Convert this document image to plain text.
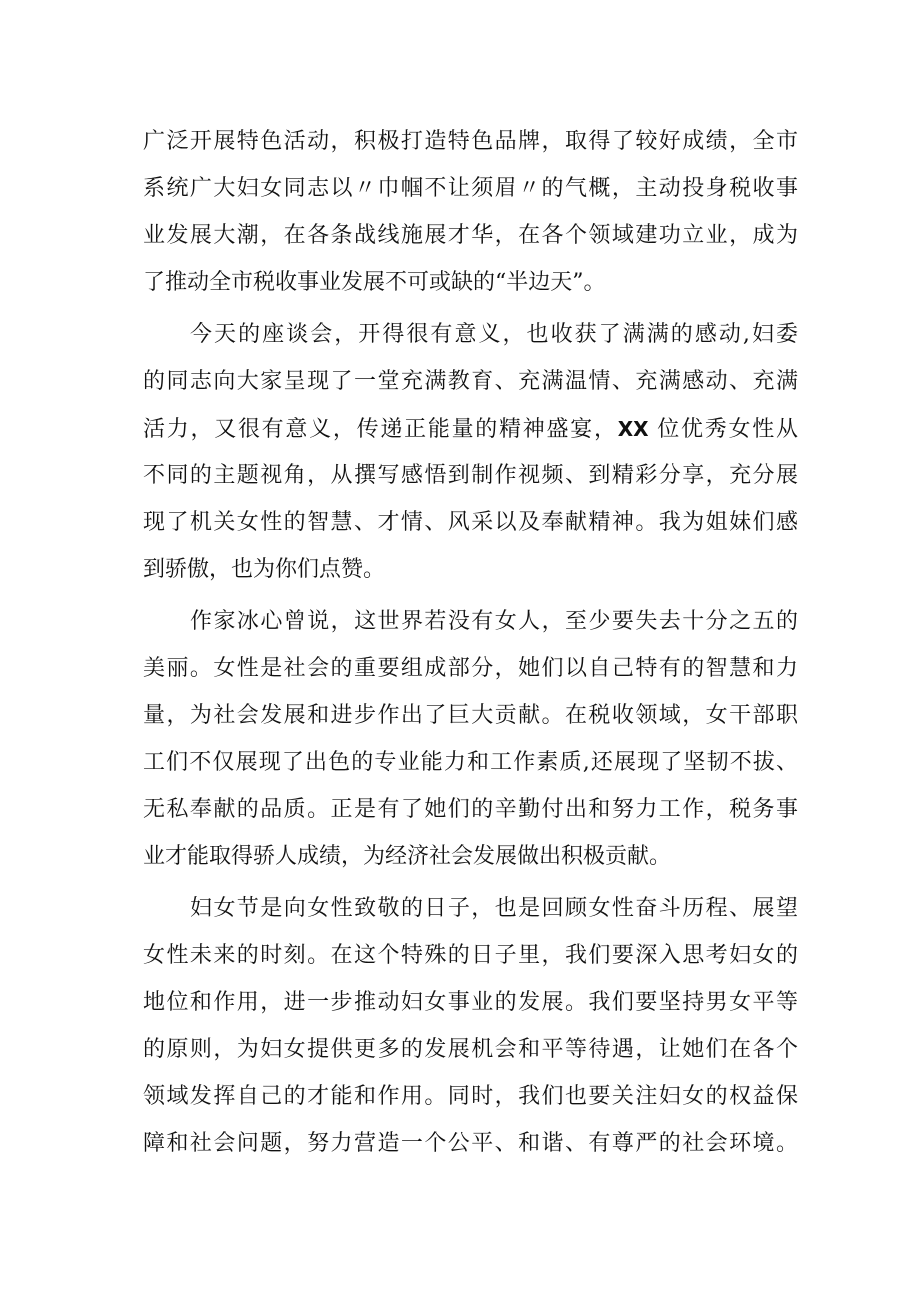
广泛开展特色活动，积极打造特色品牌，取得了较好成绩，全市
系统广大妇女同志以〃巾帼不让须眉〃的气概，主动投身税收事
业发展大潮，在各条战线施展才华，在各个领域建功立业，成为
了推动全市税收事业发展不可或缺的“半边天”。
今天的座谈会，开得很有意义，也收获了满满的感动,妇委
的同志向大家呈现了一堂充满教育、充满温情、充满感动、充满
活力，又很有意义，传递正能量的精神盛宴，XX 位优秀女性从
不同的主题视角，从撰写感悟到制作视频、到精彩分享，充分展
现了机关女性的智慧、才情、风采以及奉献精神。我为姐妹们感
到骄傲，也为你们点赞。
作家冰心曾说，这世界若没有女人，至少要失去十分之五的
美丽。女性是社会的重要组成部分，她们以自己特有的智慧和力
量，为社会发展和进步作出了巨大贡献。在税收领域，女干部职
工们不仅展现了出色的专业能力和工作素质,还展现了坚韧不拔、
无私奉献的品质。正是有了她们的辛勤付出和努力工作，税务事
业才能取得骄人成绩，为经济社会发展做出积极贡献。
妇女节是向女性致敬的日子，也是回顾女性奋斗历程、展望
女性未来的时刻。在这个特殊的日子里，我们要深入思考妇女的
地位和作用，进一步推动妇女事业的发展。我们要坚持男女平等
的原则，为妇女提供更多的发展机会和平等待遇，让她们在各个
领域发挥自己的才能和作用。同时，我们也要关注妇女的权益保
障和社会问题，努力营造一个公平、和谐、有尊严的社会环境。
